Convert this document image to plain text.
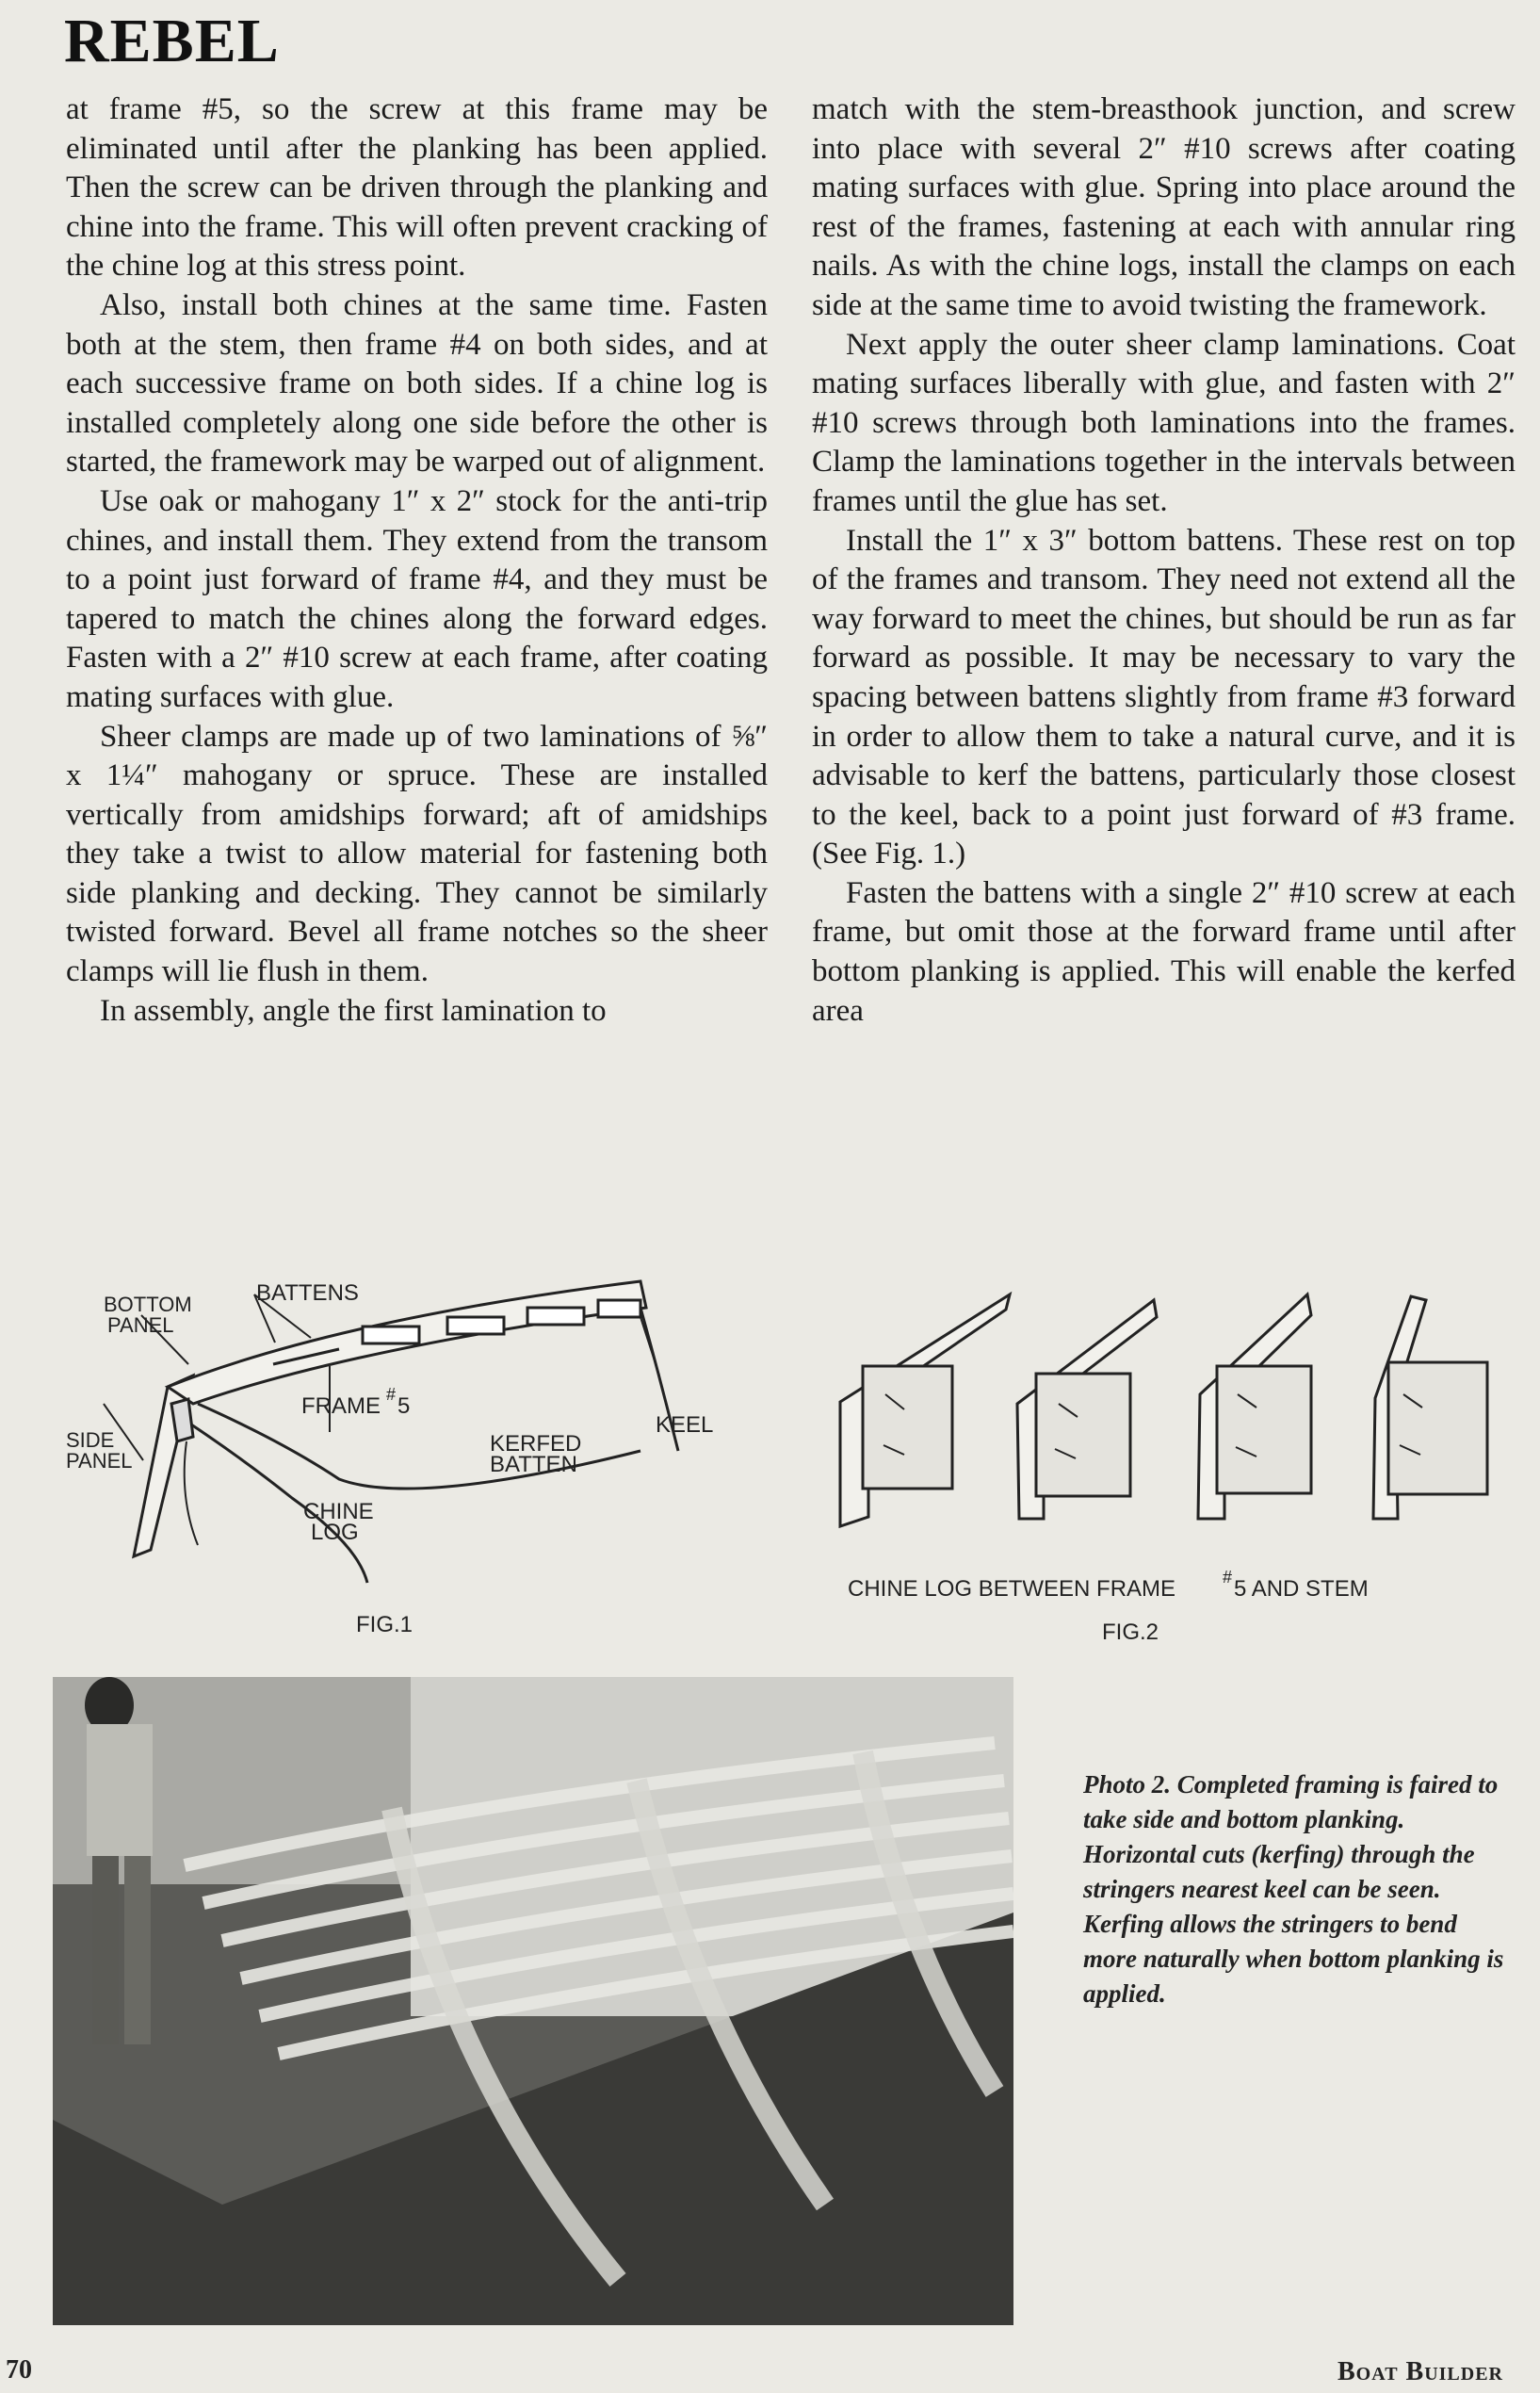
REBEL

at frame #5, so the screw at this frame may be eliminated until after the planking has been applied. Then the screw can be driven through the planking and chine into the frame. This will often prevent cracking of the chine log at this stress point.

Also, install both chines at the same time. Fasten both at the stem, then frame #4 on both sides, and at each successive frame on both sides. If a chine log is installed completely along one side before the other is started, the framework may be warped out of alignment.

Use oak or mahogany 1″ x 2″ stock for the anti-trip chines, and install them. They extend from the transom to a point just forward of frame #4, and they must be tapered to match the chines along the forward edges. Fasten with a 2″ #10 screw at each frame, after coating mating surfaces with glue.

Sheer clamps are made up of two laminations of ⅝″ x 1¼″ mahogany or spruce. These are installed vertically from amidships forward; aft of amidships they take a twist to allow material for fastening both side planking and decking. They cannot be similarly twisted forward. Bevel all frame notches so the sheer clamps will lie flush in them.

In assembly, angle the first lamination to

match with the stem-breasthook junction, and screw into place with several 2″ #10 screws after coating mating surfaces with glue. Spring into place around the rest of the frames, fastening at each with annular ring nails. As with the chine logs, install the clamps on each side at the same time to avoid twisting the framework.

Next apply the outer sheer clamp laminations. Coat mating surfaces liberally with glue, and fasten with 2″ #10 screws through both laminations into the frames. Clamp the laminations together in the intervals between frames until the glue has set.

Install the 1″ x 3″ bottom battens. These rest on top of the frames and transom. They need not extend all the way forward to meet the chines, but should be run as far forward as possible. It may be necessary to vary the spacing between battens slightly from frame #3 forward in order to allow them to take a natural curve, and it is advisable to kerf the battens, particularly those closest to the keel, back to a point just forward of #3 frame. (See Fig. 1.)

Fasten the battens with a single 2″ #10 screw at each frame, but omit those at the forward frame until after bottom planking is applied. This will enable the kerfed area

BATTENS
BOTTOM
PANEL
FRAME # 5
SIDE
PANEL
KERFED
BATTEN
KEEL
CHINE
LOG
FIG.1
CHINE LOG BETWEEN FRAME	# 5 AND STEM
FIG.2
Photo 2. Completed framing is faired to take side and bottom planking. Horizontal cuts (kerfing) through the stringers nearest keel can be seen. Kerfing allows the stringers to bend more naturally when bottom planking is applied.
70	Boat Builder
